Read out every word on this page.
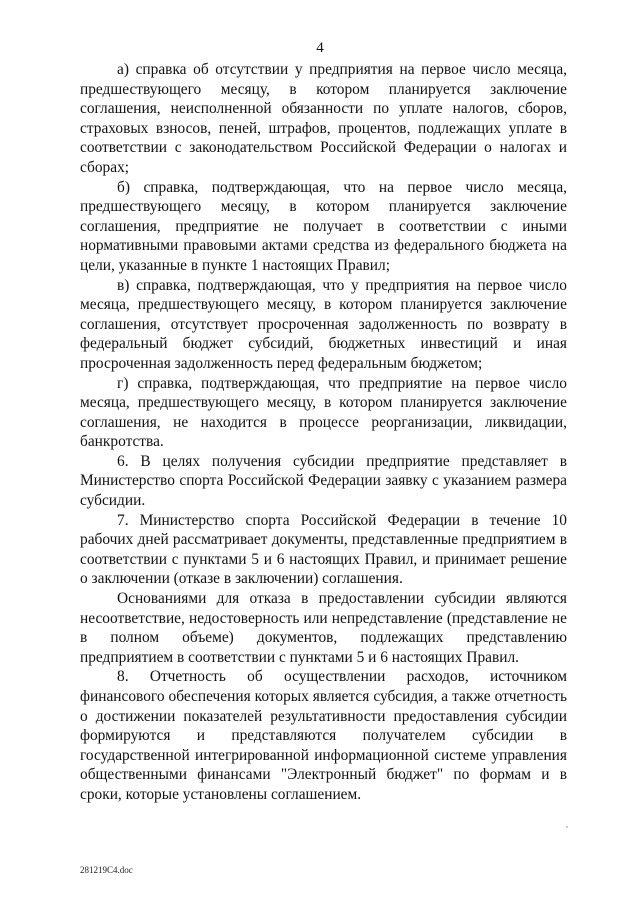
4

а) справка об отсутствии у предприятия на первое число месяца, предшествующего месяцу, в котором планируется заключение соглашения, неисполненной обязанности по уплате налогов, сборов, страховых взносов, пеней, штрафов, процентов, подлежащих уплате в соответствии с законодательством Российской Федерации о налогах и сборах;

б) справка, подтверждающая, что на первое число месяца, предшествующего месяцу, в котором планируется заключение соглашения, предприятие не получает в соответствии с иными нормативными правовыми актами средства из федерального бюджета на цели, указанные в пункте 1 настоящих Правил;

в) справка, подтверждающая, что у предприятия на первое число месяца, предшествующего месяцу, в котором планируется заключение соглашения, отсутствует просроченная задолженность по возврату в федеральный бюджет субсидий, бюджетных инвестиций и иная просроченная задолженность перед федеральным бюджетом;

г) справка, подтверждающая, что предприятие на первое число месяца, предшествующего месяцу, в котором планируется заключение соглашения, не находится в процессе реорганизации, ликвидации, банкротства.

6. В целях получения субсидии предприятие представляет в Министерство спорта Российской Федерации заявку с указанием размера субсидии.

7. Министерство спорта Российской Федерации в течение 10 рабочих дней рассматривает документы, представленные предприятием в соответствии с пунктами 5 и 6 настоящих Правил, и принимает решение о заключении (отказе в заключении) соглашения.

Основаниями для отказа в предоставлении субсидии являются несоответствие, недостоверность или непредставление (представление не в полном объеме) документов, подлежащих представлению предприятием в соответствии с пунктами 5 и 6 настоящих Правил.

8. Отчетность об осуществлении расходов, источником финансового обеспечения которых является субсидия, а также отчетность о достижении показателей результативности предоставления субсидии формируются и представляются получателем субсидии в государственной интегрированной информационной системе управления общественными финансами "Электронный бюджет" по формам и в сроки, которые установлены соглашением.

281219C4.doc
